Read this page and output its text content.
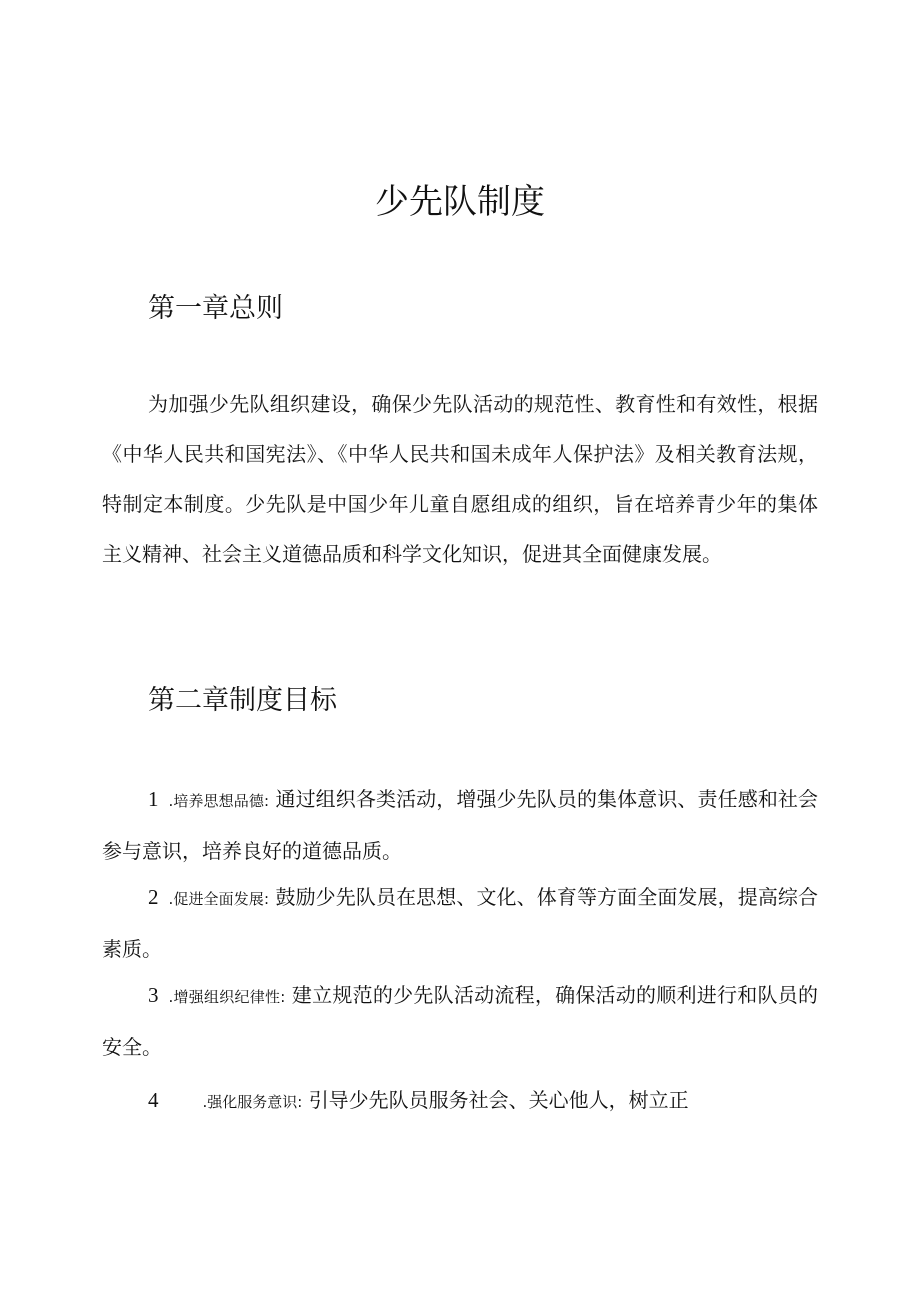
少先队制度
第一章总则

为加强少先队组织建设，确保少先队活动的规范性、教育性和有效性，根据《中华人民共和国宪法》、《中华人民共和国未成年人保护法》及相关教育法规，特制定本制度。少先队是中国少年儿童自愿组成的组织，旨在培养青少年的集体主义精神、社会主义道德品质和科学文化知识，促进其全面健康发展。

第二章制度目标

1 .培养思想品德: 通过组织各类活动，增强少先队员的集体意识、责任感和社会参与意识，培养良好的道德品质。

2 .促进全面发展: 鼓励少先队员在思想、文化、体育等方面全面发展，提高综合素质。

3 .增强组织纪律性: 建立规范的少先队活动流程，确保活动的顺利进行和队员的安全。

4	.强化服务意识: 引导少先队员服务社会、关心他人，树立正
